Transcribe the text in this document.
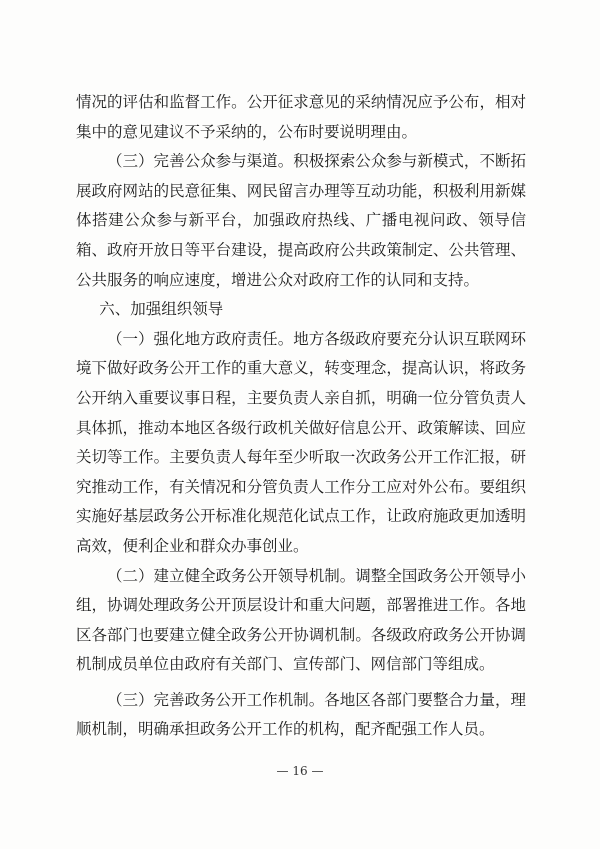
情况的评估和监督工作。公开征求意见的采纳情况应予公布，相对集中的意见建议不予采纳的，公布时要说明理由。

（三）完善公众参与渠道。积极探索公众参与新模式，不断拓展政府网站的民意征集、网民留言办理等互动功能，积极利用新媒体搭建公众参与新平台，加强政府热线、广播电视问政、领导信箱、政府开放日等平台建设，提高政府公共政策制定、公共管理、公共服务的响应速度，增进公众对政府工作的认同和支持。

六、加强组织领导

（一）强化地方政府责任。地方各级政府要充分认识互联网环境下做好政务公开工作的重大意义，转变理念，提高认识，将政务公开纳入重要议事日程，主要负责人亲自抓，明确一位分管负责人具体抓，推动本地区各级行政机关做好信息公开、政策解读、回应关切等工作。主要负责人每年至少听取一次政务公开工作汇报，研究推动工作，有关情况和分管负责人工作分工应对外公布。要组织实施好基层政务公开标准化规范化试点工作，让政府施政更加透明高效，便利企业和群众办事创业。

（二）建立健全政务公开领导机制。调整全国政务公开领导小组，协调处理政务公开顶层设计和重大问题，部署推进工作。各地区各部门也要建立健全政务公开协调机制。各级政府政务公开协调机制成员单位由政府有关部门、宣传部门、网信部门等组成。

（三）完善政务公开工作机制。各地区各部门要整合力量，理顺机制，明确承担政务公开工作的机构，配齐配强工作人员。

— 16 —
